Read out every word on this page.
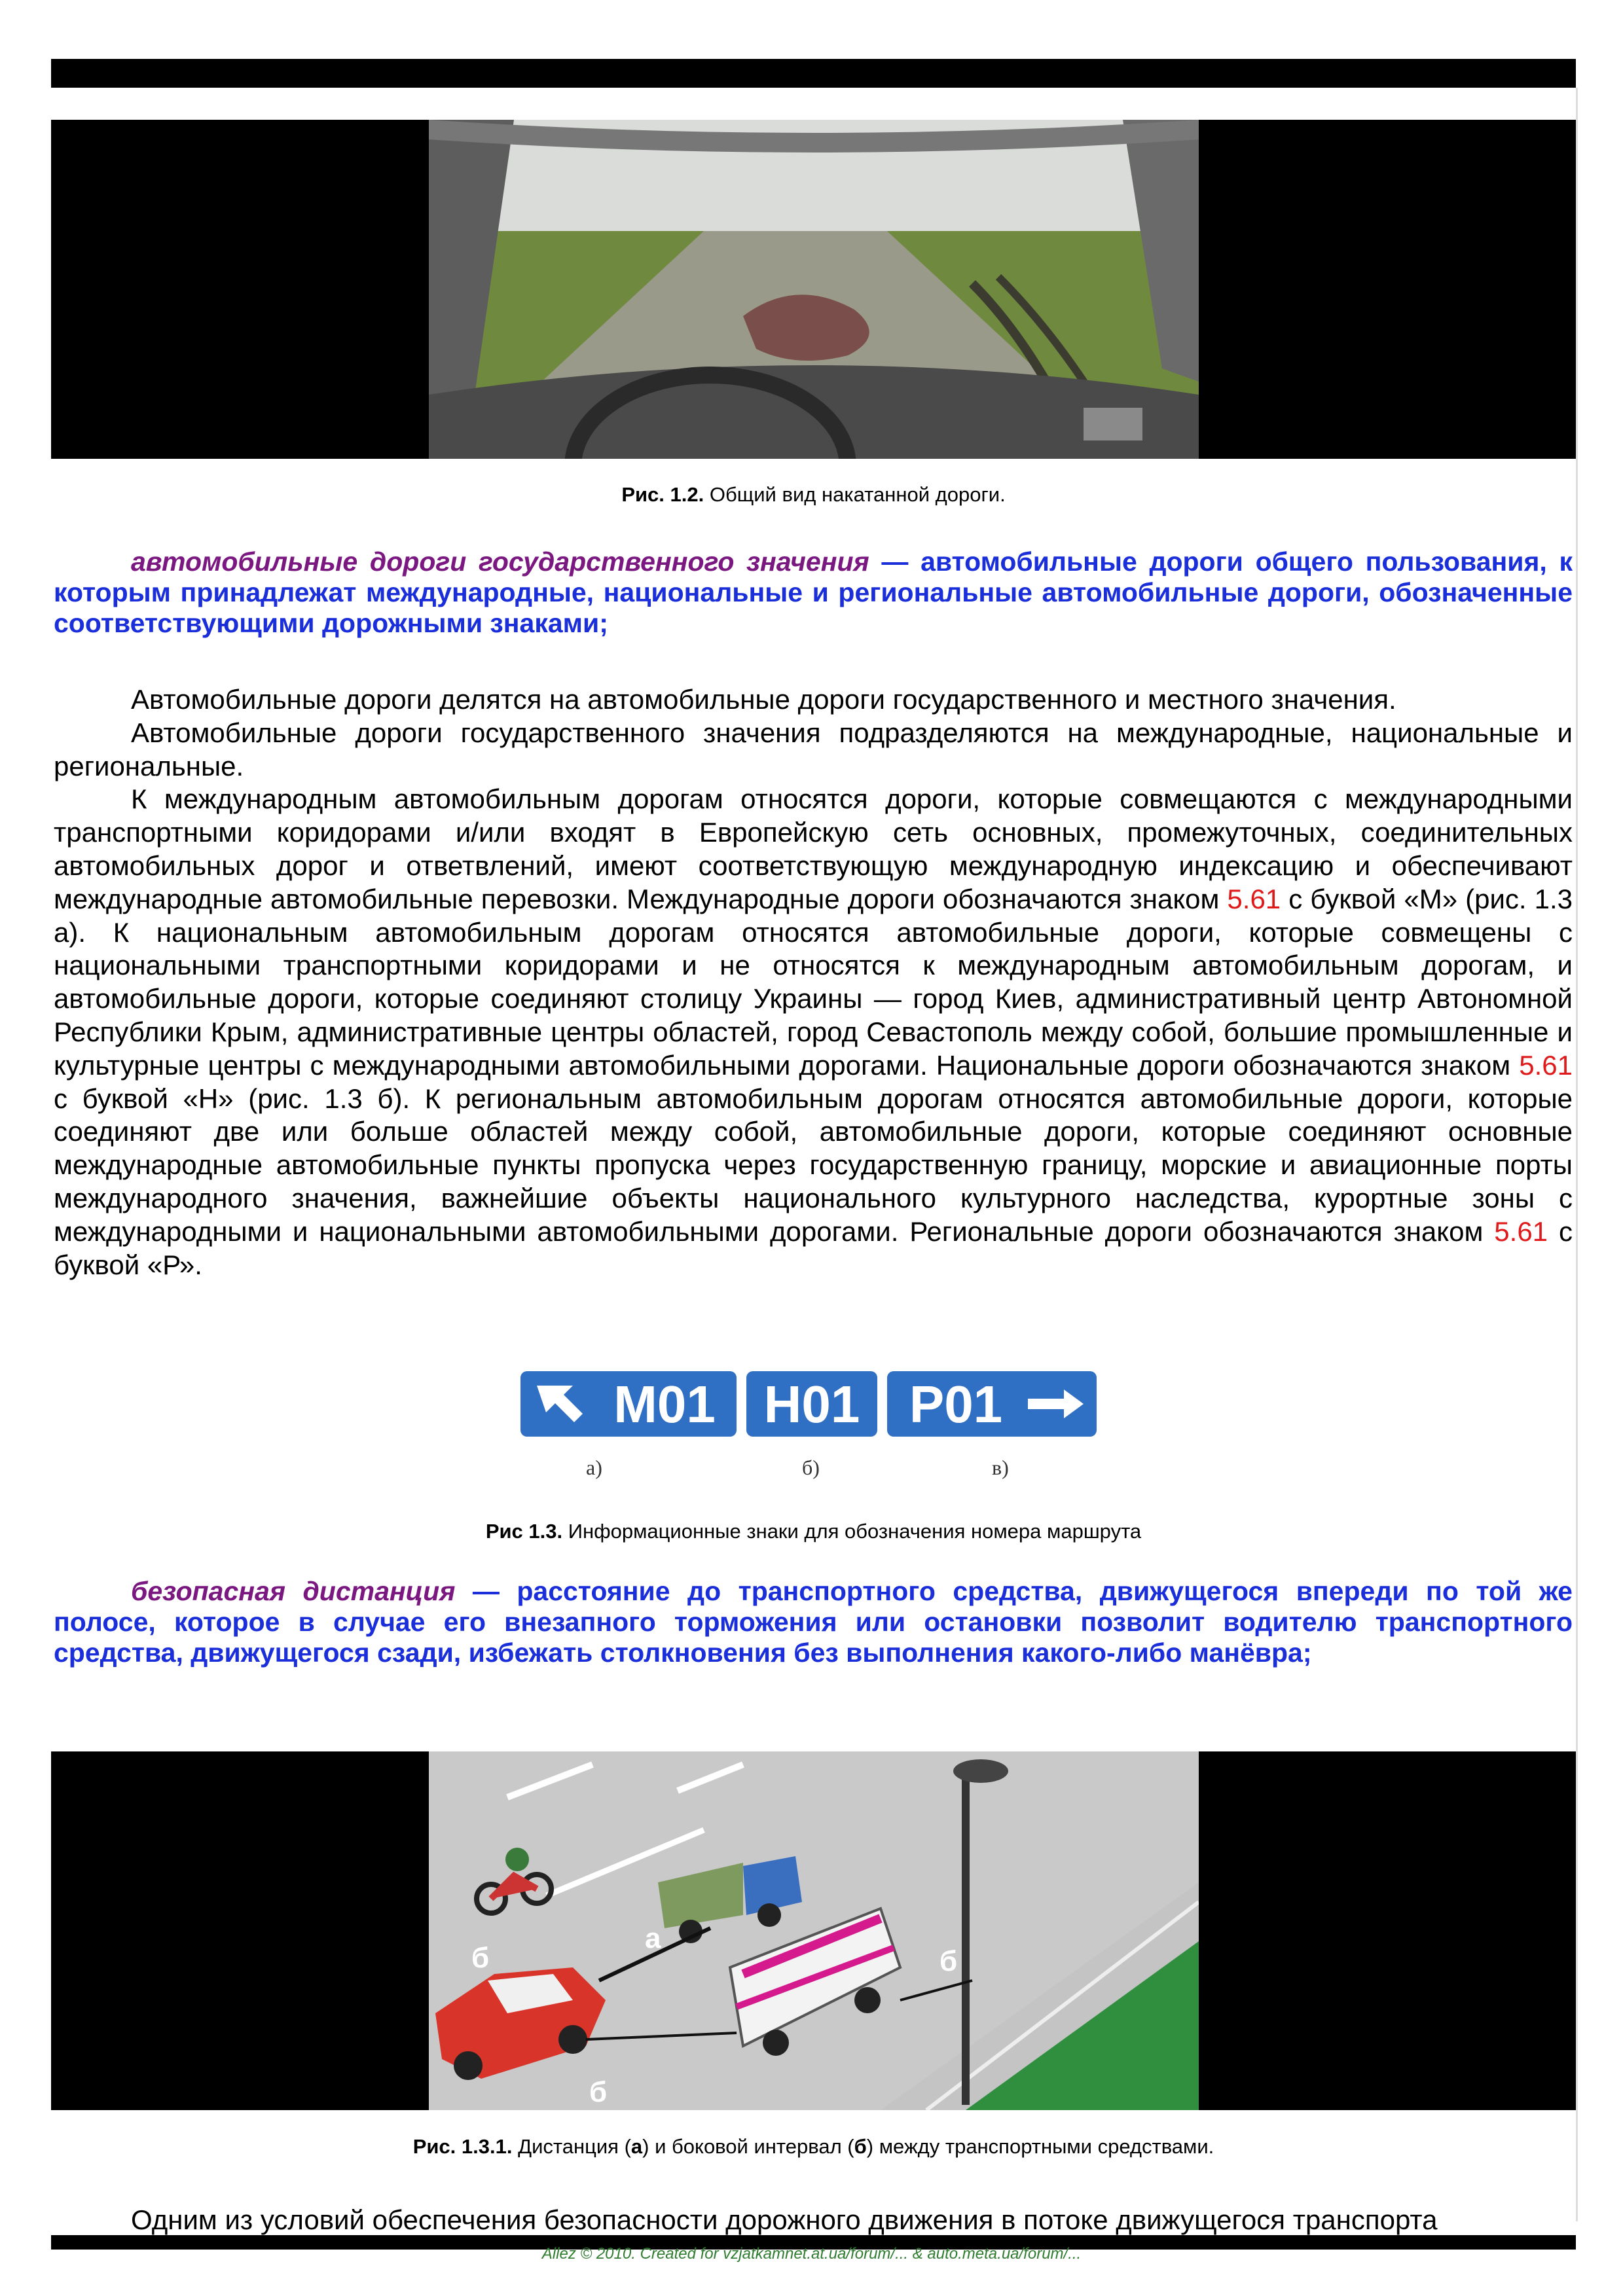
Рис. 1.2. Общий вид накатанной дороги.
автомобильные дороги государственного значения — автомобильные дороги общего пользования, к которым принадлежат международные, национальные и региональные автомобильные дороги, обозначенные соответствующими дорожными знаками;

Автомобильные дороги делятся на автомобильные дороги государственного и местного значения.

Автомобильные дороги государственного значения подразделяются на международные, национальные и региональные.

К международным автомобильным дорогам относятся дороги, которые совмещаются с международными транспортными коридорами и/или входят в Европейскую сеть основных, промежуточных, соединительных автомобильных дорог и ответвлений, имеют соответствующую международную индексацию и обеспечивают международные автомобильные перевозки. Международные дороги обозначаются знаком 5.61 с буквой «М» (рис. 1.3 а). К национальным автомобильным дорогам относятся автомобильные дороги, которые совмещены с национальными транспортными коридорами и не относятся к международным автомобильным дорогам, и автомобильные дороги, которые соединяют столицу Украины — город Киев, административный центр Автономной Республики Крым, административные центры областей, город Севастополь между собой, большие промышленные и культурные центры с международными автомобильными дорогами. Национальные дороги обозначаются знаком 5.61 с буквой «Н» (рис. 1.3 б). К региональным автомобильным дорогам относятся автомобильные дороги, которые соединяют две или больше областей между собой, автомобильные дороги, которые соединяют основные международные автомобильные пункты пропуска через государственную границу, морские и авиационные порты международного значения, важнейшие объекты национального культурного наследства, курортные зоны с международными и национальными автомобильными дорогами. Региональные дороги обозначаются знаком 5.61 с буквой «Р».

M01
а)
H01
б)
P01
в)
Рис 1.3. Информационные знаки для обозначения номера маршрута
безопасная дистанция — расстояние до транспортного средства, движущегося впереди по той же полосе, которое в случае его внезапного торможения или остановки позволит водителю транспортного средства, движущегося сзади, избежать столкновения без выполнения какого-либо манёвра;
а
б
б
б
Рис. 1.3.1. Дистанция (а) и боковой интервал (б) между транспортными средствами.
Одним из условий обеспечения безопасности дорожного движения в потоке движущегося транспорта
Allez © 2010. Created for vzjatkamnet.at.ua/forum/... & auto.meta.ua/forum/...
